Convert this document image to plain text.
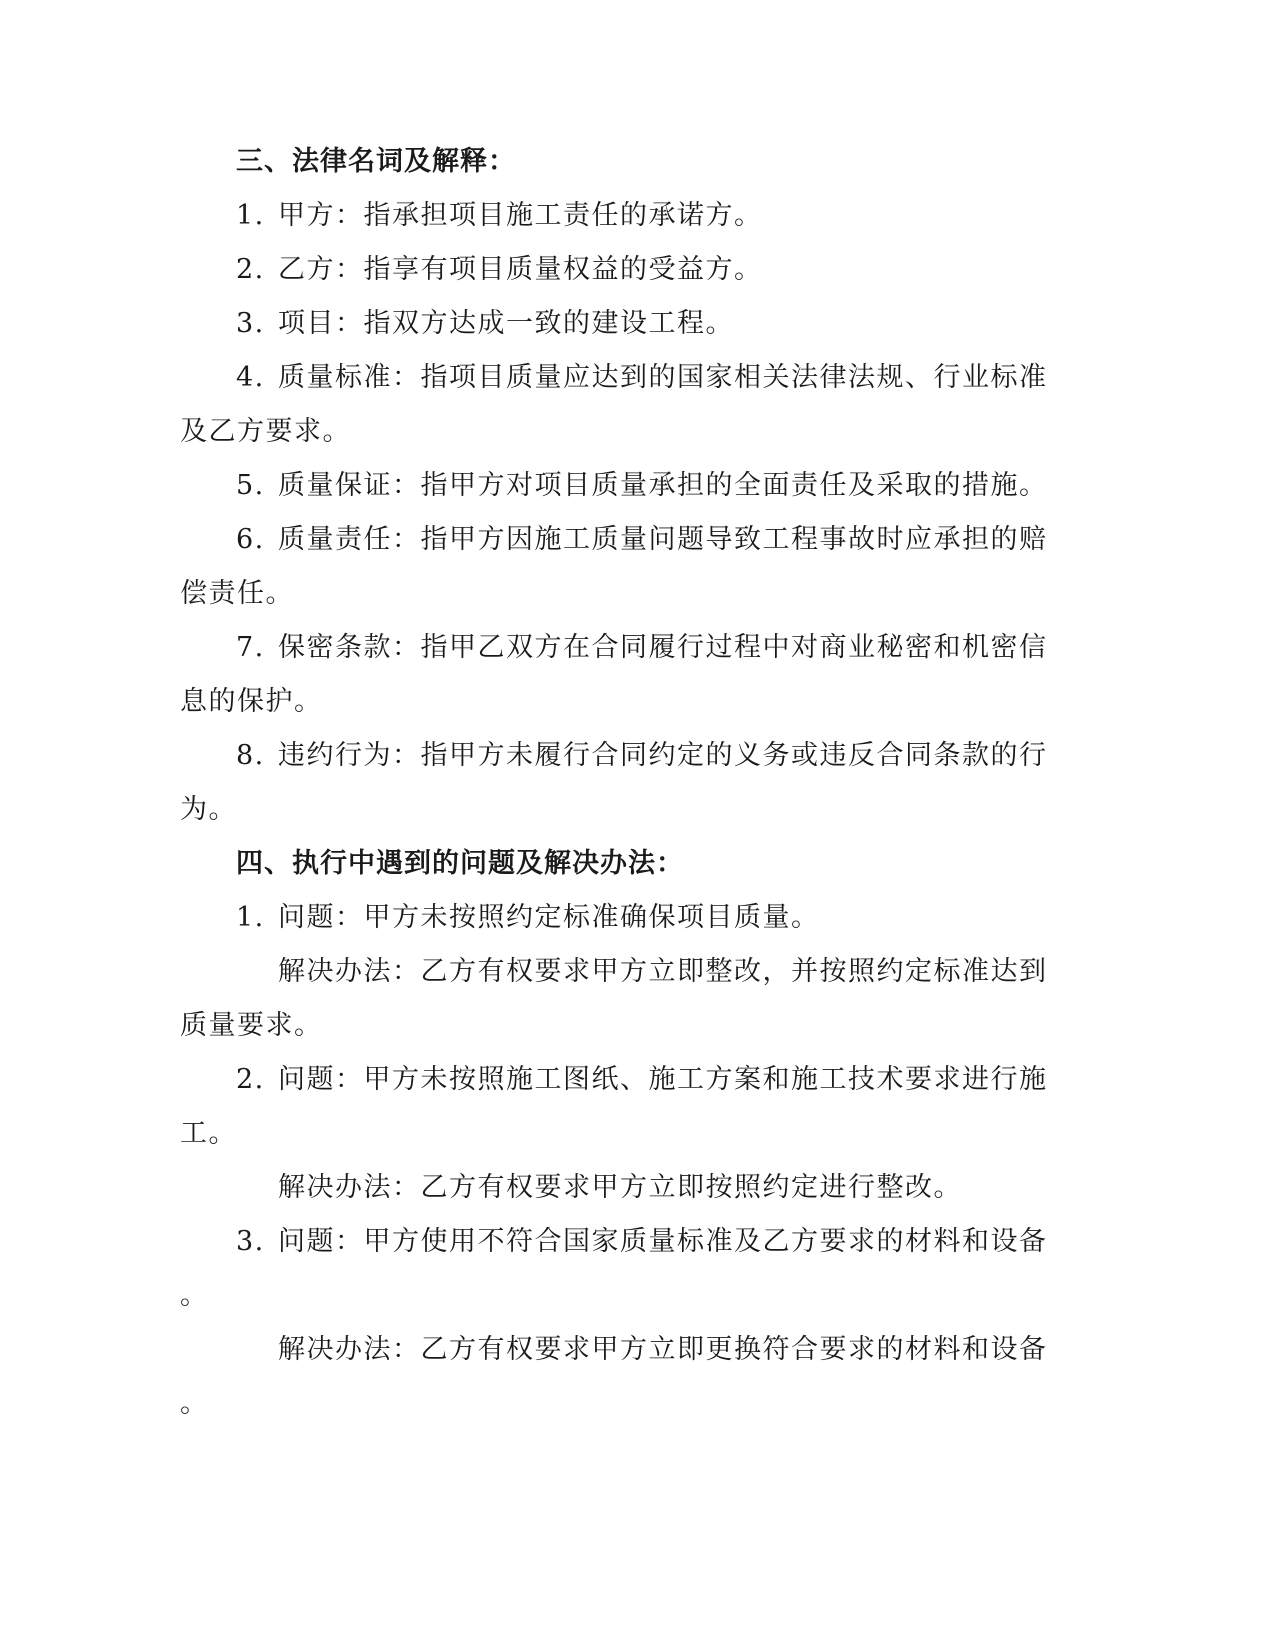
三、法律名词及解释：
1. 甲方：指承担项目施工责任的承诺方。
2. 乙方：指享有项目质量权益的受益方。
3. 项目：指双方达成一致的建设工程。
4. 质量标准：指项目质量应达到的国家相关法律法规、行业标准
及乙方要求。
5. 质量保证：指甲方对项目质量承担的全面责任及采取的措施。
6. 质量责任：指甲方因施工质量问题导致工程事故时应承担的赔
偿责任。
7. 保密条款：指甲乙双方在合同履行过程中对商业秘密和机密信
息的保护。
8. 违约行为：指甲方未履行合同约定的义务或违反合同条款的行
为。
四、执行中遇到的问题及解决办法：
1. 问题：甲方未按照约定标准确保项目质量。
解决办法：乙方有权要求甲方立即整改，并按照约定标准达到
质量要求。
2. 问题：甲方未按照施工图纸、施工方案和施工技术要求进行施
工。
解决办法：乙方有权要求甲方立即按照约定进行整改。
3. 问题：甲方使用不符合国家质量标准及乙方要求的材料和设备
。
解决办法：乙方有权要求甲方立即更换符合要求的材料和设备
。
